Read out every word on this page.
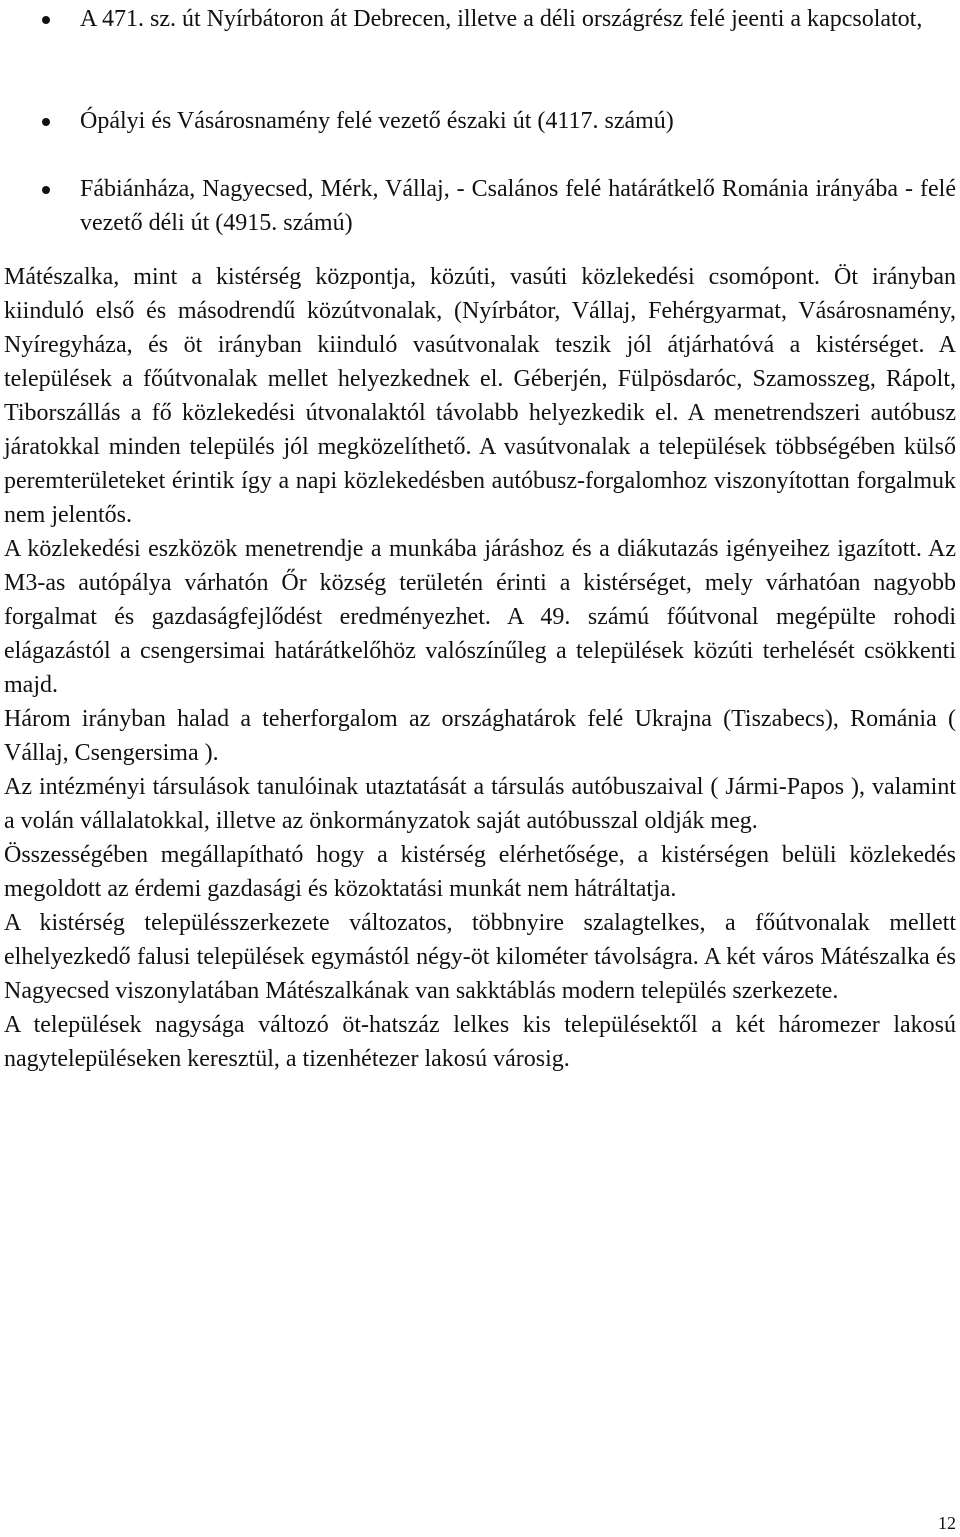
A 471. sz. út Nyírbátoron át Debrecen, illetve a déli országrész felé jeenti a kapcsolatot,
Ópályi és Vásárosnamény felé vezető északi út (4117. számú)
Fábiánháza, Nagyecsed, Mérk, Vállaj, - Csalános felé határátkelő Románia irányába - felé vezető déli út (4915. számú)

Mátészalka, mint a kistérség központja, közúti, vasúti közlekedési csomópont. Öt irányban kiinduló első és másodrendű közútvonalak, (Nyírbátor, Vállaj, Fehérgyarmat, Vásárosnamény, Nyíregyháza, és öt irányban kiinduló vasútvonalak teszik jól átjárhatóvá a kistérséget. A települések a főútvonalak mellet helyezkednek el. Géberjén, Fülpösdaróc, Szamosszeg, Rápolt, Tiborszállás a fő közlekedési útvonalaktól távolabb helyezkedik el. A menetrendszeri autóbusz járatokkal minden település jól megközelíthető. A vasútvonalak a települések többségében külső peremterületeket érintik így a napi közlekedésben autóbusz-forgalomhoz viszonyítottan forgalmuk nem jelentős.

A közlekedési eszközök menetrendje a munkába járáshoz és a diákutazás igényeihez igazított. Az M3-as autópálya várhatón Őr község területén érinti a kistérséget, mely várhatóan nagyobb forgalmat és gazdaságfejlődést eredményezhet. A 49. számú főútvonal megépülte rohodi elágazástól a csengersimai határátkelőhöz valószínűleg a települések közúti terhelését csökkenti majd.

Három irányban halad a teherforgalom az országhatárok felé Ukrajna (Tiszabecs), Románia ( Vállaj, Csengersima ).

Az intézményi társulások tanulóinak utaztatását a társulás autóbuszaival ( Jármi-Papos ), valamint a volán vállalatokkal, illetve az önkormányzatok saját autóbusszal oldják meg.

Összességében megállapítható hogy a kistérség elérhetősége, a kistérségen belüli közlekedés megoldott az érdemi gazdasági és közoktatási munkát nem hátráltatja.

A kistérség településszerkezete változatos, többnyire szalagtelkes, a főútvonalak mellett elhelyezkedő falusi települések egymástól négy-öt kilométer távolságra. A két város Mátészalka és Nagyecsed viszonylatában Mátészalkának van sakktáblás modern település szerkezete.

A települések nagysága változó öt-hatszáz lelkes kis településektől a két háromezer lakosú nagytelepüléseken keresztül, a tizenhétezer lakosú városig.

12
